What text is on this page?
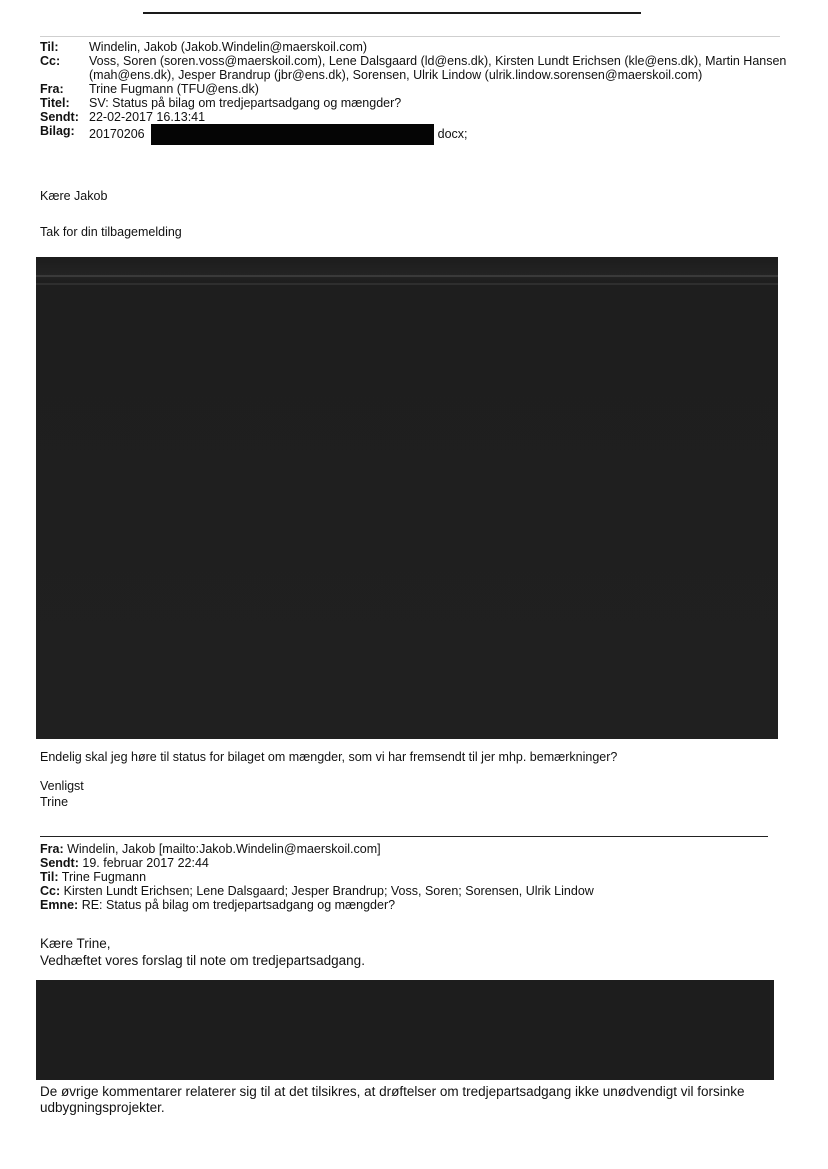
Til:	Windelin, Jakob (Jakob.Windelin@maerskoil.com)
Cc:	Voss, Soren (soren.voss@maerskoil.com), Lene Dalsgaard (ld@ens.dk), Kirsten Lundt Erichsen (kle@ens.dk), Martin Hansen (mah@ens.dk), Jesper Brandrup (jbr@ens.dk), Sorensen, Ulrik Lindow (ulrik.lindow.sorensen@maerskoil.com)
Fra:	Trine Fugmann (TFU@ens.dk)
Titel:	SV: Status på bilag om tredjepartsadgang og mængder?
Sendt: 22-02-2017 16.13:41
Bilag:	20170206	docx;
Kære Jakob
Tak for din tilbagemelding
Endelig skal jeg høre til status for bilaget om mængder, som vi har fremsendt til jer mhp. bemærkninger?
Venligst
Trine
Fra: Windelin, Jakob [mailto:Jakob.Windelin@maerskoil.com]
Sendt: 19. februar 2017 22:44
Til: Trine Fugmann
Cc: Kirsten Lundt Erichsen; Lene Dalsgaard; Jesper Brandrup; Voss, Soren; Sorensen, Ulrik Lindow
Emne: RE: Status på bilag om tredjepartsadgang og mængder?
Kære Trine,
Vedhæftet vores forslag til note om tredjepartsadgang.
De øvrige kommentarer relaterer sig til at det tilsikres, at drøftelser om tredjepartsadgang ikke unødvendigt vil forsinke udbygningsprojekter.
